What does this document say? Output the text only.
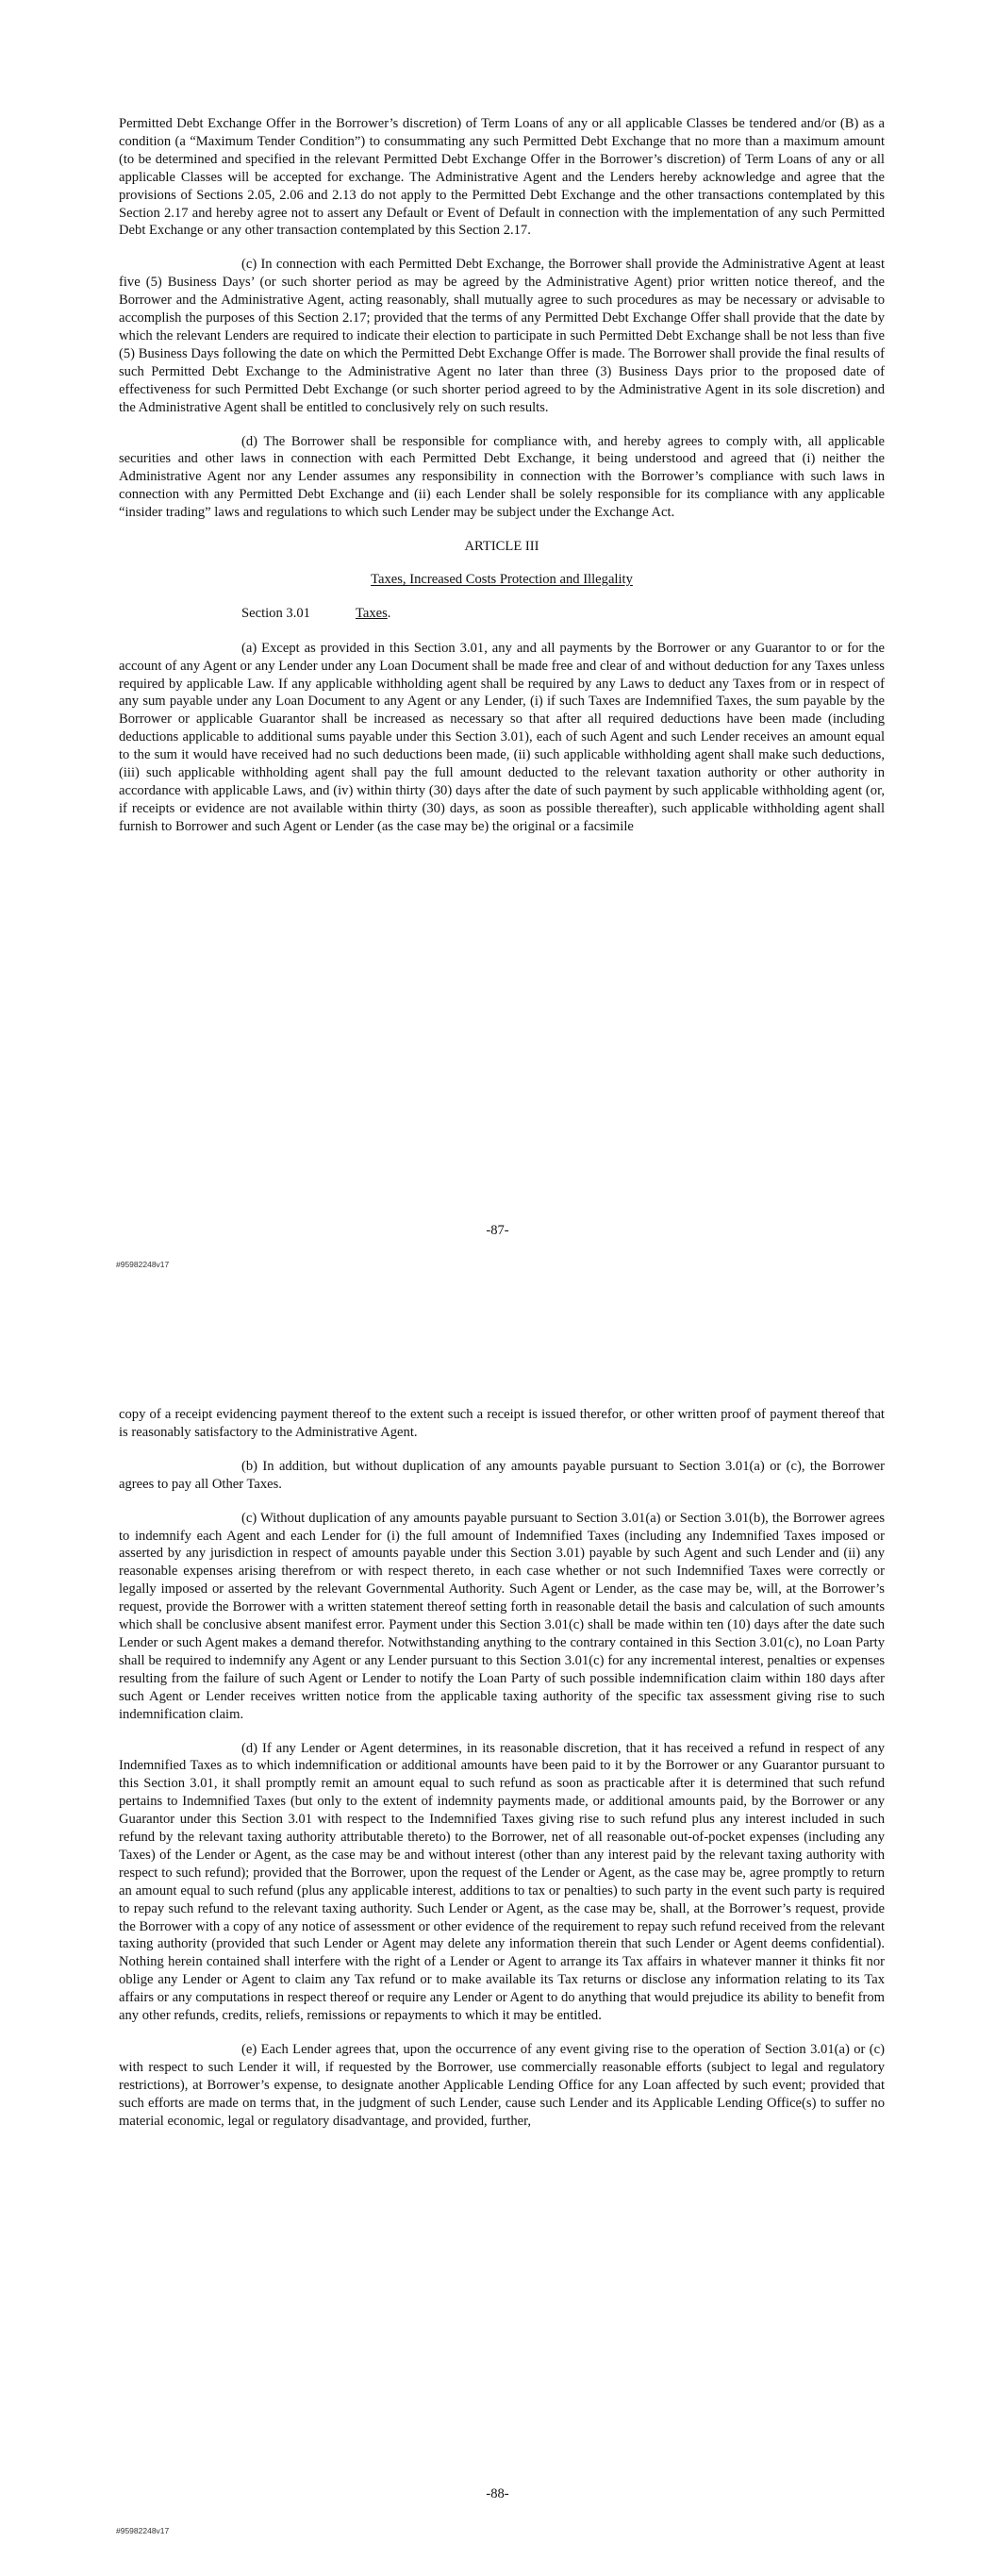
Permitted Debt Exchange Offer in the Borrower’s discretion) of Term Loans of any or all applicable Classes be tendered and/or (B) as a condition (a “Maximum Tender Condition”) to consummating any such Permitted Debt Exchange that no more than a maximum amount (to be determined and specified in the relevant Permitted Debt Exchange Offer in the Borrower’s discretion) of Term Loans of any or all applicable Classes will be accepted for exchange. The Administrative Agent and the Lenders hereby acknowledge and agree that the provisions of Sections 2.05, 2.06 and 2.13 do not apply to the Permitted Debt Exchange and the other transactions contemplated by this Section 2.17 and hereby agree not to assert any Default or Event of Default in connection with the implementation of any such Permitted Debt Exchange or any other transaction contemplated by this Section 2.17.

(c) In connection with each Permitted Debt Exchange, the Borrower shall provide the Administrative Agent at least five (5) Business Days’ (or such shorter period as may be agreed by the Administrative Agent) prior written notice thereof, and the Borrower and the Administrative Agent, acting reasonably, shall mutually agree to such procedures as may be necessary or advisable to accomplish the purposes of this Section 2.17; provided that the terms of any Permitted Debt Exchange Offer shall provide that the date by which the relevant Lenders are required to indicate their election to participate in such Permitted Debt Exchange shall be not less than five (5) Business Days following the date on which the Permitted Debt Exchange Offer is made. The Borrower shall provide the final results of such Permitted Debt Exchange to the Administrative Agent no later than three (3) Business Days prior to the proposed date of effectiveness for such Permitted Debt Exchange (or such shorter period agreed to by the Administrative Agent in its sole discretion) and the Administrative Agent shall be entitled to conclusively rely on such results.

(d) The Borrower shall be responsible for compliance with, and hereby agrees to comply with, all applicable securities and other laws in connection with each Permitted Debt Exchange, it being understood and agreed that (i) neither the Administrative Agent nor any Lender assumes any responsibility in connection with the Borrower’s compliance with such laws in connection with any Permitted Debt Exchange and (ii) each Lender shall be solely responsible for its compliance with any applicable “insider trading” laws and regulations to which such Lender may be subject under the Exchange Act.

ARTICLE III

Taxes, Increased Costs Protection and Illegality

Section 3.01	Taxes.

(a) Except as provided in this Section 3.01, any and all payments by the Borrower or any Guarantor to or for the account of any Agent or any Lender under any Loan Document shall be made free and clear of and without deduction for any Taxes unless required by applicable Law. If any applicable withholding agent shall be required by any Laws to deduct any Taxes from or in respect of any sum payable under any Loan Document to any Agent or any Lender, (i) if such Taxes are Indemnified Taxes, the sum payable by the Borrower or applicable Guarantor shall be increased as necessary so that after all required deductions have been made (including deductions applicable to additional sums payable under this Section 3.01), each of such Agent and such Lender receives an amount equal to the sum it would have received had no such deductions been made, (ii) such applicable withholding agent shall make such deductions, (iii) such applicable withholding agent shall pay the full amount deducted to the relevant taxation authority or other authority in accordance with applicable Laws, and (iv) within thirty (30) days after the date of such payment by such applicable withholding agent (or, if receipts or evidence are not available within thirty (30) days, as soon as possible thereafter), such applicable withholding agent shall furnish to Borrower and such Agent or Lender (as the case may be) the original or a facsimile

-87-
#95982248v17

copy of a receipt evidencing payment thereof to the extent such a receipt is issued therefor, or other written proof of payment thereof that is reasonably satisfactory to the Administrative Agent.

(b) In addition, but without duplication of any amounts payable pursuant to Section 3.01(a) or (c), the Borrower agrees to pay all Other Taxes.

(c) Without duplication of any amounts payable pursuant to Section 3.01(a) or Section 3.01(b), the Borrower agrees to indemnify each Agent and each Lender for (i) the full amount of Indemnified Taxes (including any Indemnified Taxes imposed or asserted by any jurisdiction in respect of amounts payable under this Section 3.01) payable by such Agent and such Lender and (ii) any reasonable expenses arising therefrom or with respect thereto, in each case whether or not such Indemnified Taxes were correctly or legally imposed or asserted by the relevant Governmental Authority. Such Agent or Lender, as the case may be, will, at the Borrower’s request, provide the Borrower with a written statement thereof setting forth in reasonable detail the basis and calculation of such amounts which shall be conclusive absent manifest error. Payment under this Section 3.01(c) shall be made within ten (10) days after the date such Lender or such Agent makes a demand therefor. Notwithstanding anything to the contrary contained in this Section 3.01(c), no Loan Party shall be required to indemnify any Agent or any Lender pursuant to this Section 3.01(c) for any incremental interest, penalties or expenses resulting from the failure of such Agent or Lender to notify the Loan Party of such possible indemnification claim within 180 days after such Agent or Lender receives written notice from the applicable taxing authority of the specific tax assessment giving rise to such indemnification claim.

(d) If any Lender or Agent determines, in its reasonable discretion, that it has received a refund in respect of any Indemnified Taxes as to which indemnification or additional amounts have been paid to it by the Borrower or any Guarantor pursuant to this Section 3.01, it shall promptly remit an amount equal to such refund as soon as practicable after it is determined that such refund pertains to Indemnified Taxes (but only to the extent of indemnity payments made, or additional amounts paid, by the Borrower or any Guarantor under this Section 3.01 with respect to the Indemnified Taxes giving rise to such refund plus any interest included in such refund by the relevant taxing authority attributable thereto) to the Borrower, net of all reasonable out-of-pocket expenses (including any Taxes) of the Lender or Agent, as the case may be and without interest (other than any interest paid by the relevant taxing authority with respect to such refund); provided that the Borrower, upon the request of the Lender or Agent, as the case may be, agree promptly to return an amount equal to such refund (plus any applicable interest, additions to tax or penalties) to such party in the event such party is required to repay such refund to the relevant taxing authority. Such Lender or Agent, as the case may be, shall, at the Borrower’s request, provide the Borrower with a copy of any notice of assessment or other evidence of the requirement to repay such refund received from the relevant taxing authority (provided that such Lender or Agent may delete any information therein that such Lender or Agent deems confidential). Nothing herein contained shall interfere with the right of a Lender or Agent to arrange its Tax affairs in whatever manner it thinks fit nor oblige any Lender or Agent to claim any Tax refund or to make available its Tax returns or disclose any information relating to its Tax affairs or any computations in respect thereof or require any Lender or Agent to do anything that would prejudice its ability to benefit from any other refunds, credits, reliefs, remissions or repayments to which it may be entitled.

(e) Each Lender agrees that, upon the occurrence of any event giving rise to the operation of Section 3.01(a) or (c) with respect to such Lender it will, if requested by the Borrower, use commercially reasonable efforts (subject to legal and regulatory restrictions), at Borrower’s expense, to designate another Applicable Lending Office for any Loan affected by such event; provided that such efforts are made on terms that, in the judgment of such Lender, cause such Lender and its Applicable Lending Office(s) to suffer no material economic, legal or regulatory disadvantage, and provided, further,

-88-
#95982248v17
